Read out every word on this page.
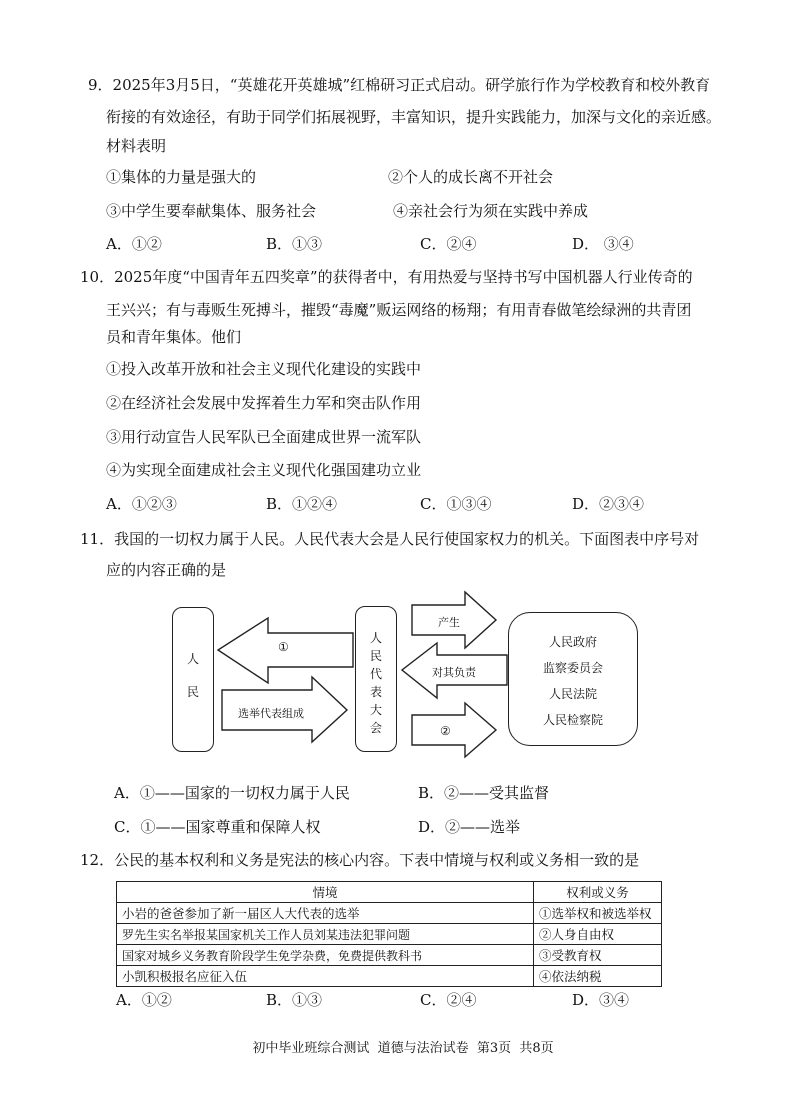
9．2025年3月5日，“英雄花开英雄城”红棉研习正式启动。研学旅行作为学校教育和校外教育
衔接的有效途径，有助于同学们拓展视野，丰富知识，提升实践能力，加深与文化的亲近感。
材料表明
①集体的力量是强大的	②个人的成长离不开社会
③中学生要奉献集体、服务社会	④亲社会行为须在实践中养成
A．①②	B．①③	C．②④	D． ③④
10．2025年度“中国青年五四奖章”的获得者中，有用热爱与坚持书写中国机器人行业传奇的
王兴兴；有与毒贩生死搏斗，摧毁“毒魔”贩运网络的杨翔；有用青春做笔绘绿洲的共青团
员和青年集体。他们
①投入改革开放和社会主义现代化建设的实践中
②在经济社会发展中发挥着生力军和突击队作用
③用行动宣告人民军队已全面建成世界一流军队
④为实现全面建成社会主义现代化强国建功立业
A．①②③	B．①②④	C．①③④	D．②③④
11．我国的一切权力属于人民。人民代表大会是人民行使国家权力的机关。下面图表中序号对
应的内容正确的是
人
民
人
民
代
表
大
会
人民政府
监察委员会
人民法院
人民检察院
①
选举代表组成
产生
对其负责
②
A．①——国家的一切权力属于人民	B．②——受其监督
C．①——国家尊重和保障人权	D．②——选举
12．公民的基本权利和义务是宪法的核心内容。下表中情境与权利或义务相一致的是
情境	权利或义务
小岩的爸爸参加了新一届区人大代表的选举	①选举权和被选举权
罗先生实名举报某国家机关工作人员刘某违法犯罪问题	②人身自由权
国家对城乡义务教育阶段学生免学杂费，免费提供教科书	③受教育权
小凯积极报名应征入伍	④依法纳税
A．①②	B．①③	C．②④	D．③④
初中毕业班综合测试  道德与法治试卷  第3页  共8页
